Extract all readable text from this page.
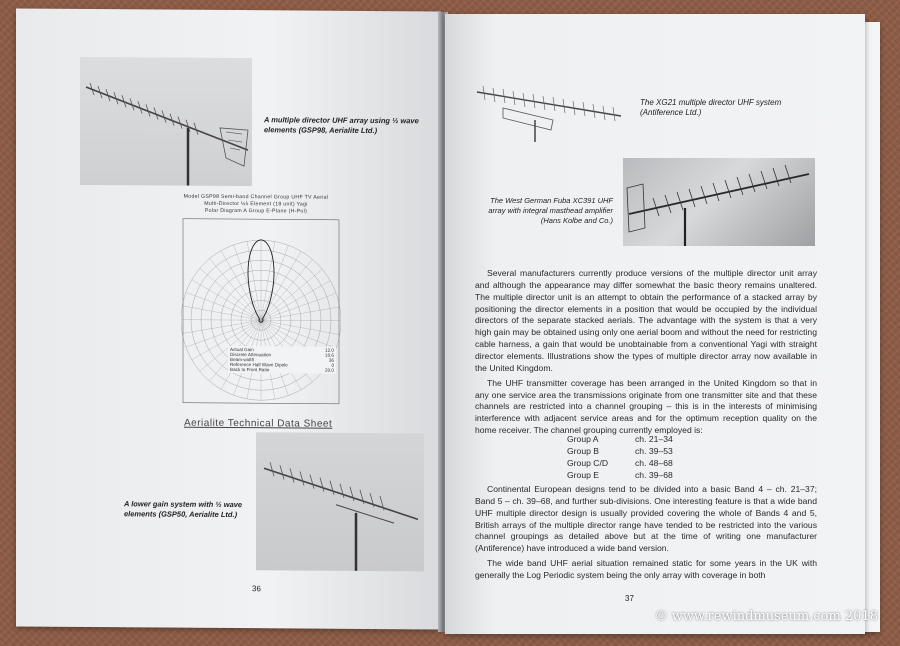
A multiple director UHF array using ½ wave elements (GSP98, Aerialite Ltd.)
Model GSP98 Semi-band Channel Group UHF TV Aerial
Multi-Director ½λ Element (18 unit) Yagi
Polar Diagram A Group E-Plane (H-Pol)
Actual Gain	12.0
Discrete Attenuation	10.6
Beam-width	36
Reference Half Wave Dipole	0
Back to Front Ratio	20.0
Aerialite Technical Data Sheet
A lower gain system with ½ wave elements (GSP50, Aerialite Ltd.)
36
The XG21 multiple director UHF system (Antiference Ltd.)
The West German Fuba XC391 UHF array with integral masthead amplifier (Hans Kolbe and Co.)

Several manufacturers currently produce versions of the multiple director unit array and although the appearance may differ somewhat the basic theory remains unaltered. The multiple director unit is an attempt to obtain the performance of a stacked array by positioning the director elements in a position that would be occupied by the individual directors of the separate stacked aerials. The advantage with the system is that a very high gain may be obtained using only one aerial boom and without the need for restricting cable harness, a gain that would be unobtainable from a conventional Yagi with straight director elements. Illustrations show the types of multiple director array now available in the United Kingdom.

The UHF transmitter coverage has been arranged in the United Kingdom so that in any one service area the transmissions originate from one transmitter site and that these channels are restricted into a channel grouping – this is in the interests of minimising interference with adjacent service areas and for the optimum reception quality on the home receiver. The channel grouping currently employed is:

Group A	ch. 21–34
Group B	ch. 39–53
Group C/D	ch. 48–68
Group E	ch. 39–68

Continental European designs tend to be divided into a basic Band 4 – ch. 21–37; Band 5 – ch. 39–68, and further sub-divisions. One interesting feature is that a wide band UHF multiple director design is usually provided covering the whole of Bands 4 and 5, British arrays of the multiple director range have tended to be restricted into the various channel groupings as detailed above but at the time of writing one manufacturer (Antiference) have introduced a wide band version.

The wide band UHF aerial situation remained static for some years in the UK with generally the Log Periodic system being the only array with coverage in both

37
© www.rewindmuseum.com 2018
